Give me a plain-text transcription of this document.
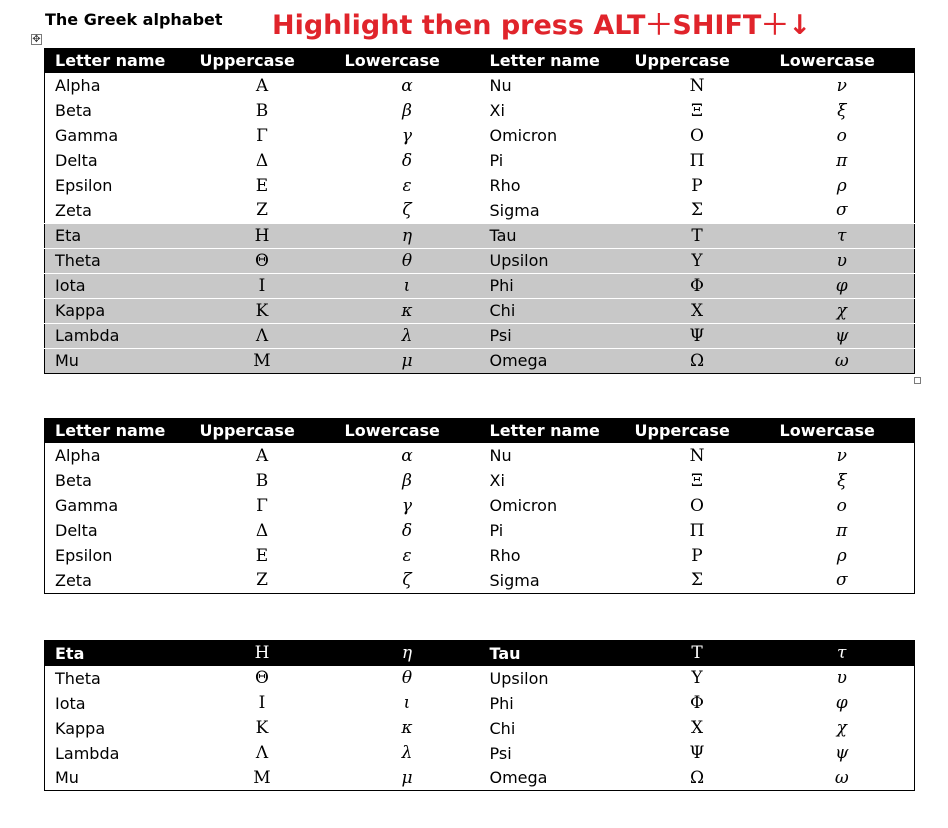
The Greek alphabet Highlight then press ALT＋SHIFT＋↓
✥
Letter name	Uppercase	Lowercase	Letter name	Uppercase	Lowercase
Alpha	Α	α	Nu	Ν	ν
Beta	Β	β	Xi	Ξ	ξ
Gamma	Γ	γ	Omicron	Ο	ο
Delta	Δ	δ	Pi	Π	π
Epsilon	Ε	ε	Rho	Ρ	ρ
Zeta	Ζ	ζ	Sigma	Σ	σ
Eta	Η	η	Tau	Τ	τ
Theta	Θ	θ	Upsilon	Υ	υ
Iota	Ι	ι	Phi	Φ	φ
Kappa	Κ	κ	Chi	Χ	χ
Lambda	Λ	λ	Psi	Ψ	ψ
Mu	Μ	μ	Omega	Ω	ω
Letter name	Uppercase	Lowercase	Letter name	Uppercase	Lowercase
Alpha	Α	α	Nu	Ν	ν
Beta	Β	β	Xi	Ξ	ξ
Gamma	Γ	γ	Omicron	Ο	ο
Delta	Δ	δ	Pi	Π	π
Epsilon	Ε	ε	Rho	Ρ	ρ
Zeta	Ζ	ζ	Sigma	Σ	σ
Eta	Η	η	Tau	Τ	τ
Theta	Θ	θ	Upsilon	Υ	υ
Iota	Ι	ι	Phi	Φ	φ
Kappa	Κ	κ	Chi	Χ	χ
Lambda	Λ	λ	Psi	Ψ	ψ
Mu	Μ	μ	Omega	Ω	ω
